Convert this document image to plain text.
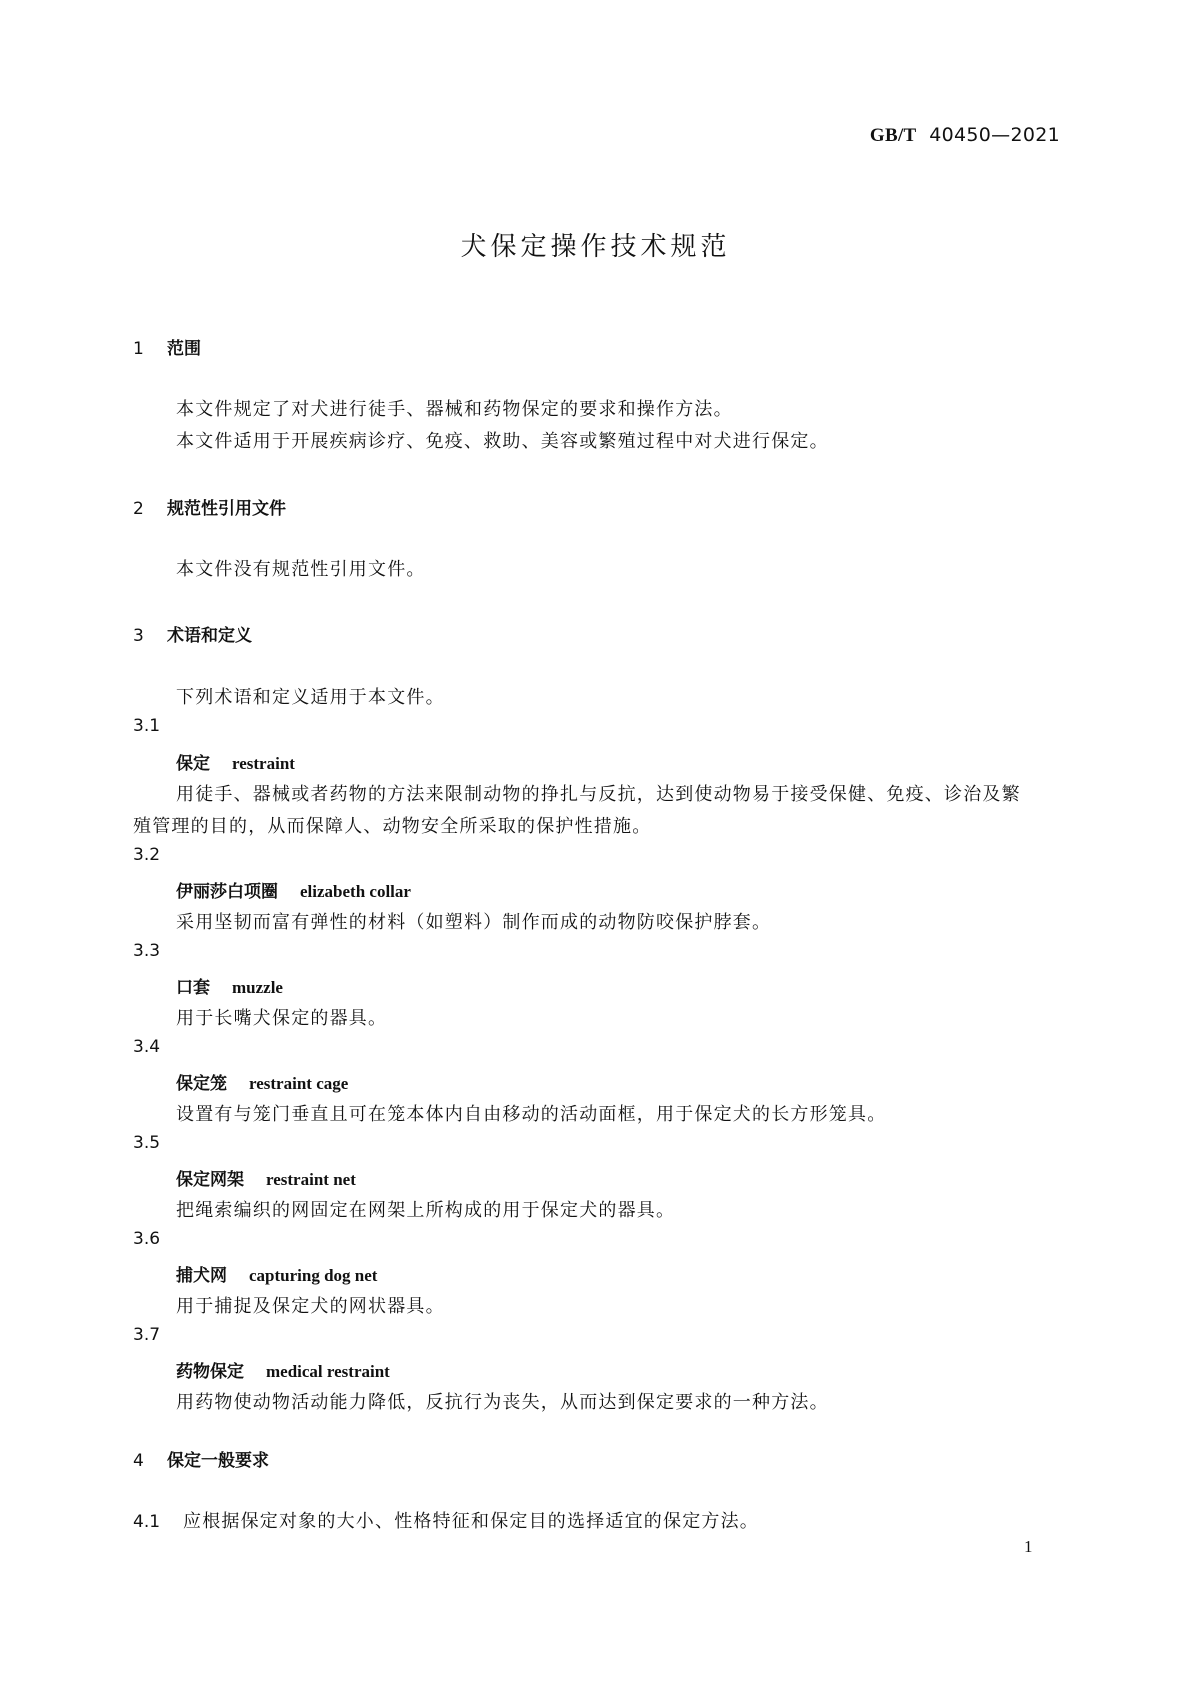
GB/T 40450—2021
犬保定操作技术规范
1 范围
本文件规定了对犬进行徒手、器械和药物保定的要求和操作方法。
本文件适用于开展疾病诊疗、免疫、救助、美容或繁殖过程中对犬进行保定。
2 规范性引用文件
本文件没有规范性引用文件。
3 术语和定义
下列术语和定义适用于本文件。
3.1
保定 restraint
用徒手、器械或者药物的方法来限制动物的挣扎与反抗，达到使动物易于接受保健、免疫、诊治及繁
殖管理的目的，从而保障人、动物安全所采取的保护性措施。
3.2
伊丽莎白项圈 elizabeth collar
采用坚韧而富有弹性的材料（如塑料）制作而成的动物防咬保护脖套。
3.3
口套 muzzle
用于长嘴犬保定的器具。
3.4
保定笼 restraint cage
设置有与笼门垂直且可在笼本体内自由移动的活动面框，用于保定犬的长方形笼具。
3.5
保定网架 restraint net
把绳索编织的网固定在网架上所构成的用于保定犬的器具。
3.6
捕犬网 capturing dog net
用于捕捉及保定犬的网状器具。
3.7
药物保定 medical restraint
用药物使动物活动能力降低，反抗行为丧失，从而达到保定要求的一种方法。
4 保定一般要求
4.1 应根据保定对象的大小、性格特征和保定目的选择适宜的保定方法。
1
